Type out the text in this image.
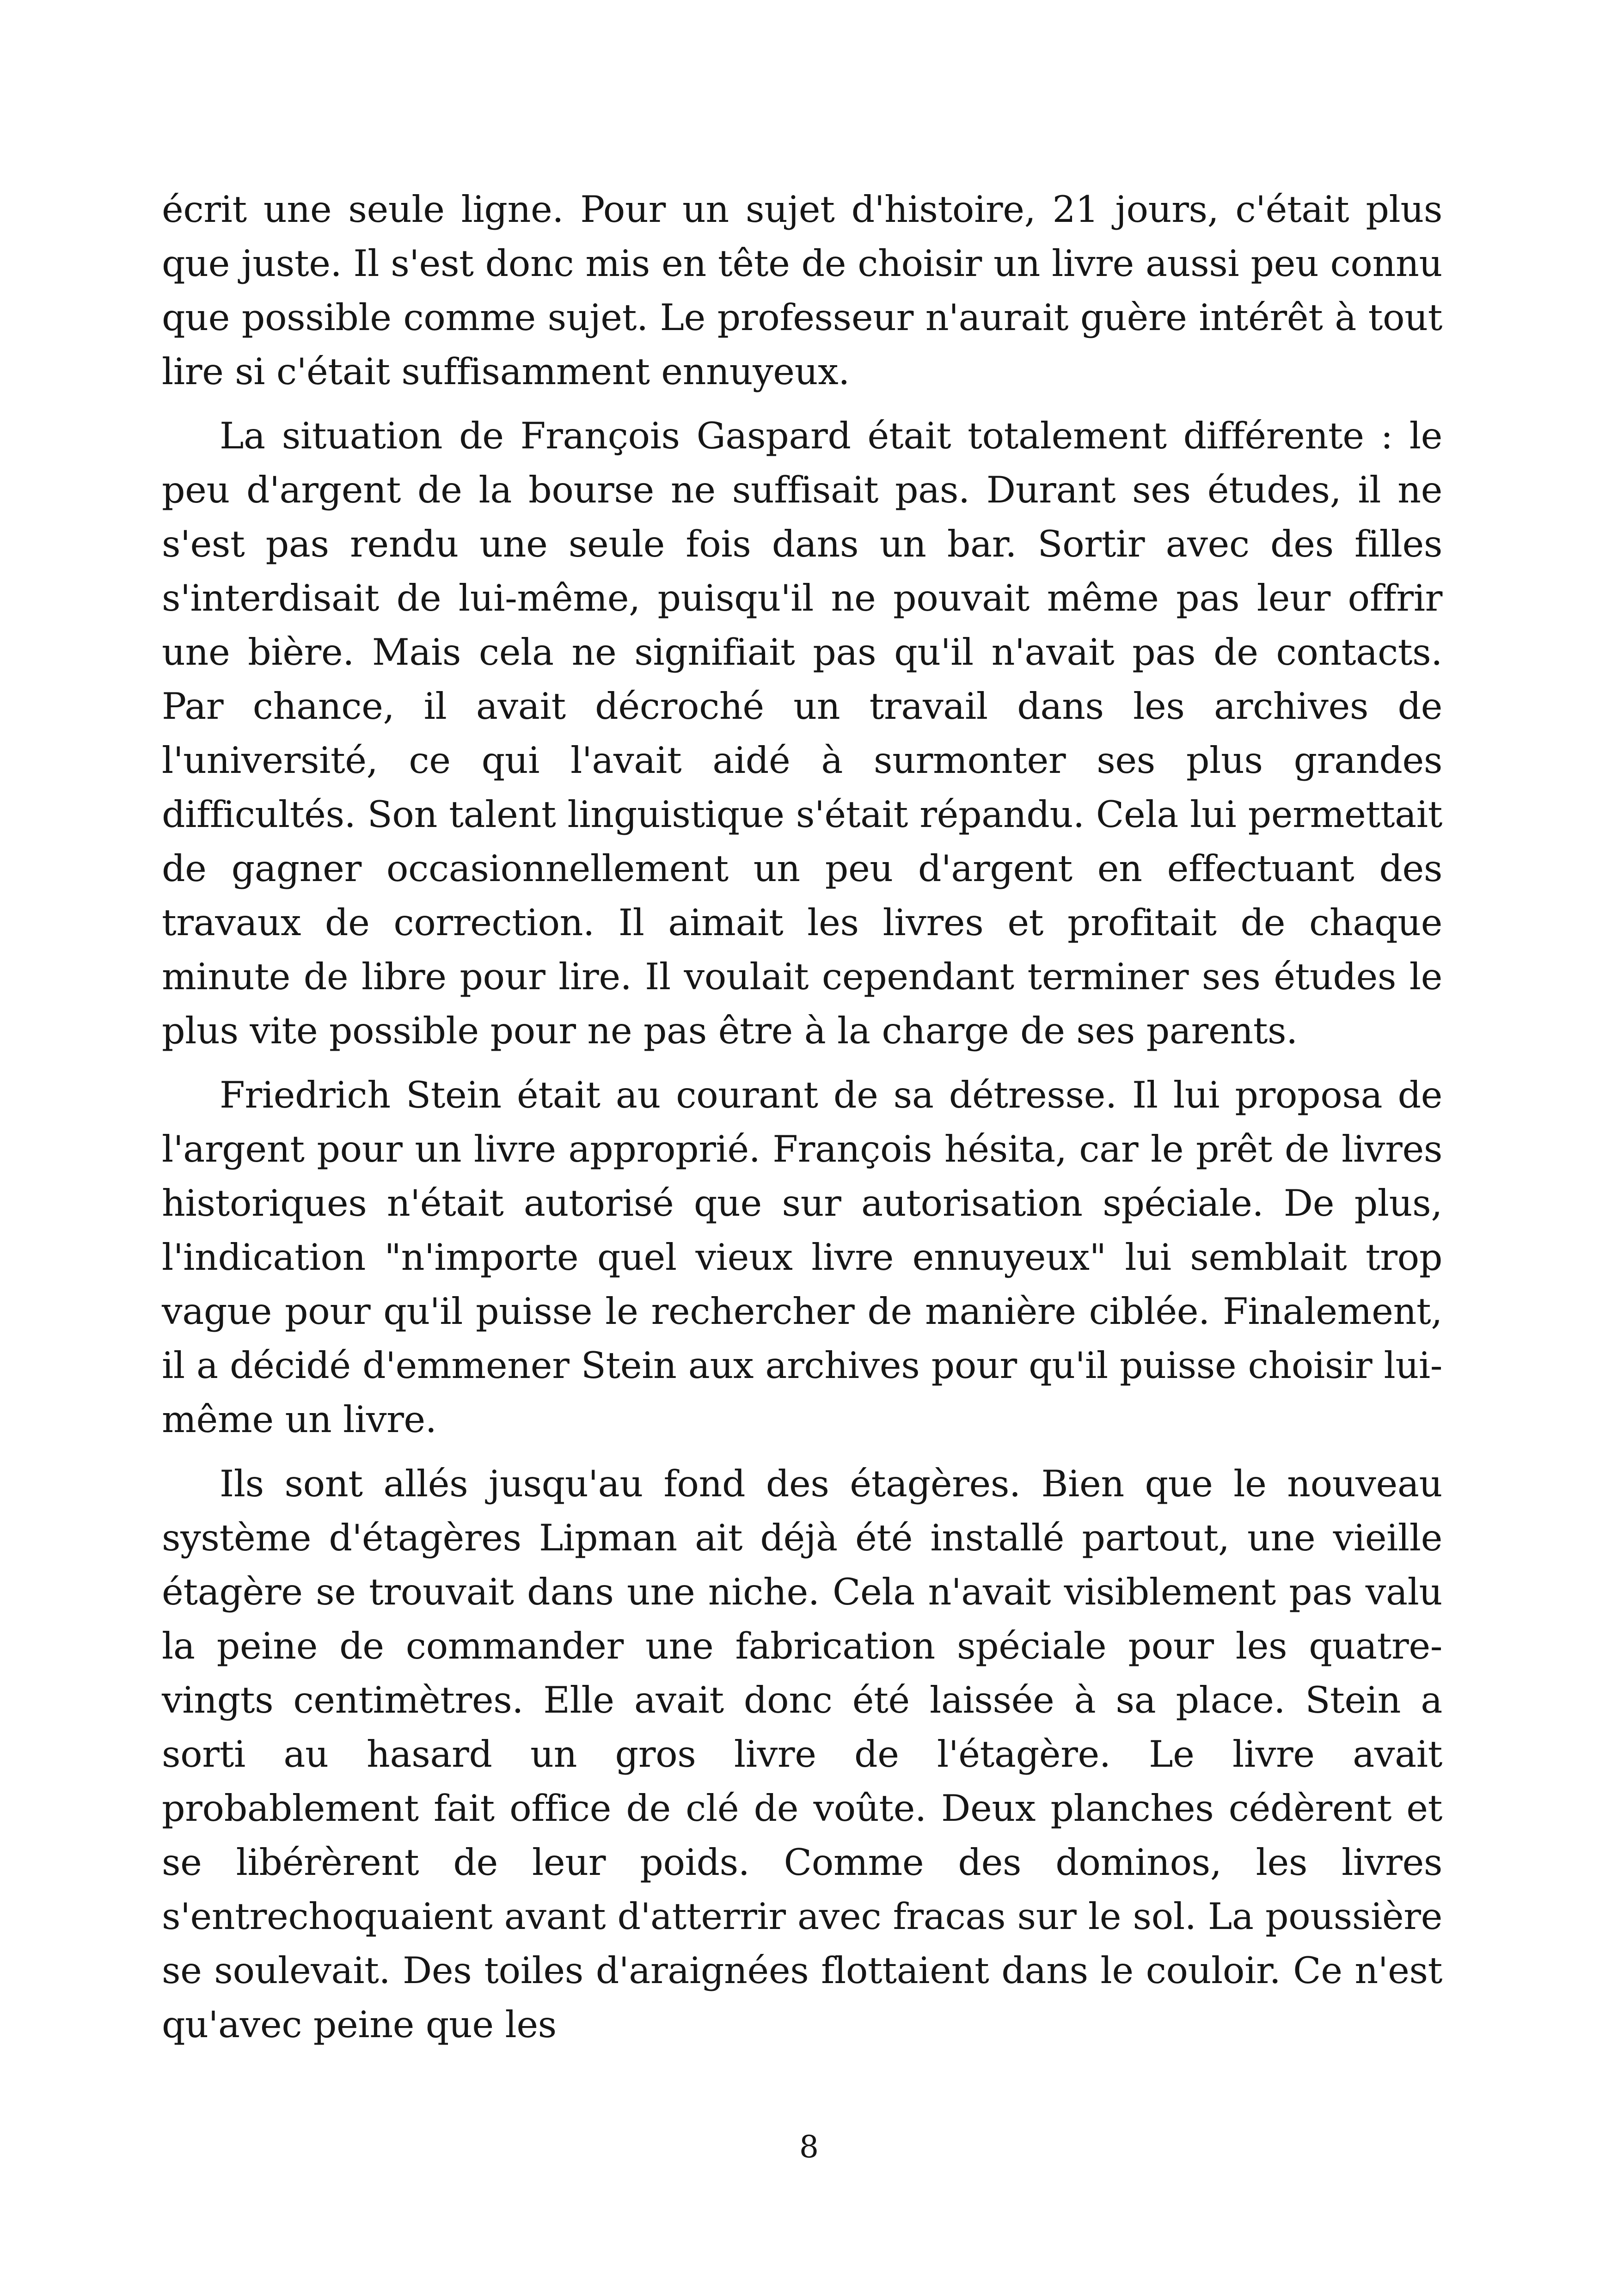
écrit une seule ligne. Pour un sujet d'histoire, 21 jours, c'était plus que juste. Il s'est donc mis en tête de choisir un livre aussi peu connu que possible comme sujet. Le professeur n'aurait guère intérêt à tout lire si c'était suffisamment ennuyeux.

La situation de François Gaspard était totalement différente : le peu d'argent de la bourse ne suffisait pas. Durant ses études, il ne s'est pas rendu une seule fois dans un bar. Sortir avec des filles s'interdisait de lui-même, puisqu'il ne pouvait même pas leur offrir une bière. Mais cela ne signifiait pas qu'il n'avait pas de contacts. Par chance, il avait décroché un travail dans les archives de l'université, ce qui l'avait aidé à surmonter ses plus grandes difficultés. Son talent linguistique s'était répandu. Cela lui permettait de gagner occasionnellement un peu d'argent en effectuant des travaux de correction. Il aimait les livres et profitait de chaque minute de libre pour lire. Il voulait cependant terminer ses études le plus vite possible pour ne pas être à la charge de ses parents.

Friedrich Stein était au courant de sa détresse. Il lui proposa de l'argent pour un livre approprié. François hésita, car le prêt de livres historiques n'était autorisé que sur autorisation spéciale. De plus, l'indication "n'importe quel vieux livre ennuyeux" lui semblait trop vague pour qu'il puisse le rechercher de manière ciblée. Finalement, il a décidé d'emmener Stein aux archives pour qu'il puisse choisir lui-même un livre.

Ils sont allés jusqu'au fond des étagères. Bien que le nouveau système d'étagères Lipman ait déjà été installé partout, une vieille étagère se trouvait dans une niche. Cela n'avait visiblement pas valu la peine de commander une fabrication spéciale pour les quatre-vingts centimètres. Elle avait donc été laissée à sa place. Stein a sorti au hasard un gros livre de l'étagère. Le livre avait probablement fait office de clé de voûte. Deux planches cédèrent et se libérèrent de leur poids. Comme des dominos, les livres s'entrechoquaient avant d'atterrir avec fracas sur le sol. La poussière se soulevait. Des toiles d'araignées flottaient dans le couloir. Ce n'est qu'avec peine que les

8
